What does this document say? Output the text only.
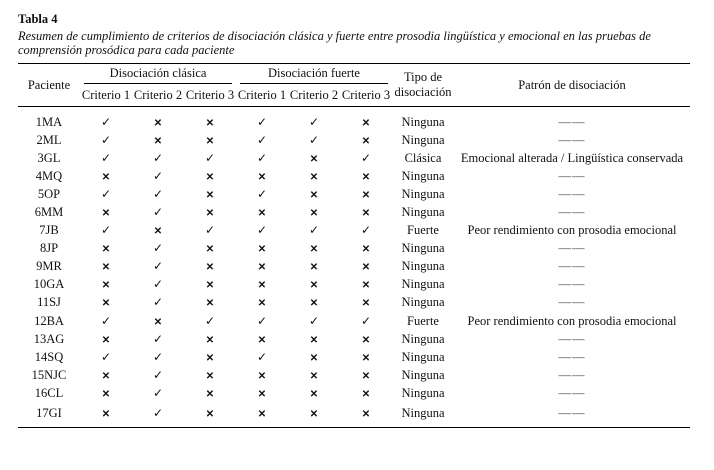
Tabla 4
Resumen de cumplimiento de criterios de disociación clásica y fuerte entre prosodia lingüística y emocional en las pruebas de comprensión prosódica para cada paciente
Paciente	Disociación clásica			Disociación fuerte			Tipo de disociación	Patrón de disociación
	Criterio 1	Criterio 2	Criterio 3	Criterio 1	Criterio 2	Criterio 3		

1MA	✓	✕	✕	✓	✓	✕	Ninguna	——
2ML	✓	✕	✕	✓	✓	✕	Ninguna	——
3GL	✓	✓	✓	✓	✕	✓	Clásica	Emocional alterada / Lingüística conservada
4MQ	✕	✓	✕	✕	✕	✕	Ninguna	——
5OP	✓	✓	✕	✓	✕	✕	Ninguna	——
6MM	✕	✓	✕	✕	✕	✕	Ninguna	——
7JB	✓	✕	✓	✓	✓	✓	Fuerte	Peor rendimiento con prosodia emocional
8JP	✕	✓	✕	✕	✕	✕	Ninguna	——
9MR	✕	✓	✕	✕	✕	✕	Ninguna	——
10GA	✕	✓	✕	✕	✕	✕	Ninguna	——
11SJ	✕	✓	✕	✕	✕	✕	Ninguna	——
12BA	✓	✕	✓	✓	✓	✓	Fuerte	Peor rendimiento con prosodia emocional
13AG	✕	✓	✕	✕	✕	✕	Ninguna	——
14SQ	✓	✓	✕	✓	✕	✕	Ninguna	——
15NJC	✕	✓	✕	✕	✕	✕	Ninguna	——
16CL	✕	✓	✕	✕	✕	✕	Ninguna	——
17GI	✕	✓	✕	✕	✕	✕	Ninguna	——
